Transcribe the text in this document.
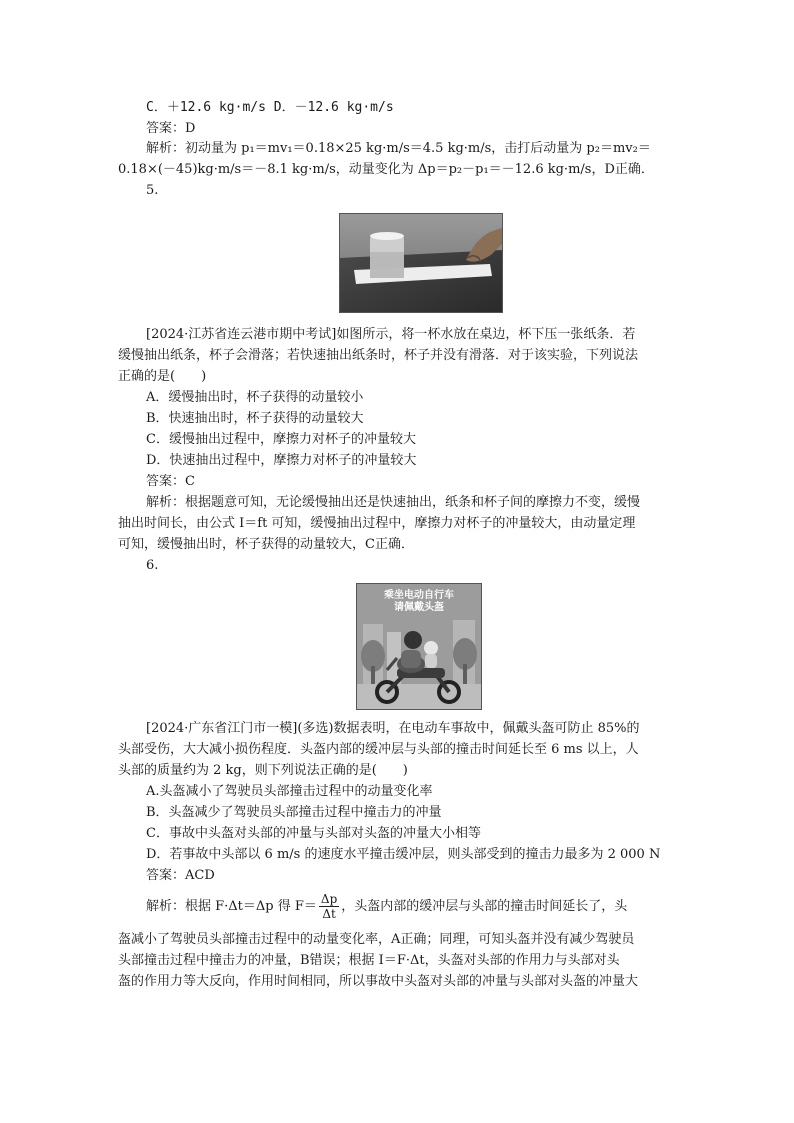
C．＋12.6 kg·m/s D．－12.6 kg·m/s
答案：D
解析：初动量为 p₁＝mv₁＝0.18×25 kg·m/s＝4.5 kg·m/s，击打后动量为 p₂＝mv₂＝
0.18×(－45)kg·m/s＝－8.1 kg·m/s，动量变化为 Δp＝p₂－p₁＝－12.6 kg·m/s，D正确．
5.
[2024·江苏省连云港市期中考试]如图所示，将一杯水放在桌边，杯下压一张纸条．若
缓慢抽出纸条，杯子会滑落；若快速抽出纸条时，杯子并没有滑落．对于该实验，下列说法
正确的是(　　)
A．缓慢抽出时，杯子获得的动量较小
B．快速抽出时，杯子获得的动量较大
C．缓慢抽出过程中，摩擦力对杯子的冲量较大
D．快速抽出过程中，摩擦力对杯子的冲量较大
答案：C
解析：根据题意可知，无论缓慢抽出还是快速抽出，纸条和杯子间的摩擦力不变，缓慢
抽出时间长，由公式 I＝ft 可知，缓慢抽出过程中，摩擦力对杯子的冲量较大，由动量定理
可知，缓慢抽出时，杯子获得的动量较大，C正确．
6.
乘坐电动自行车
请佩戴头盔
[2024·广东省江门市一模](多选)数据表明，在电动车事故中，佩戴头盔可防止 85%的
头部受伤，大大减小损伤程度．头盔内部的缓冲层与头部的撞击时间延长至 6 ms 以上，人
头部的质量约为 2 kg，则下列说法正确的是(　　)
A.头盔减小了驾驶员头部撞击过程中的动量变化率
B．头盔减少了驾驶员头部撞击过程中撞击力的冲量
C．事故中头盔对头部的冲量与头部对头盔的冲量大小相等
D．若事故中头部以 6 m/s 的速度水平撞击缓冲层，则头部受到的撞击力最多为 2 000 N
答案：ACD
解析：根据 F·Δt＝Δp 得 $F= \frac{\Delta p}{\Delta t}$ ，头盔内部的缓冲层与头部的撞击时间延长了，头
盔减小了驾驶员头部撞击过程中的动量变化率，A正确；同理，可知头盔并没有减少驾驶员
头部撞击过程中撞击力的冲量，B错误；根据 I＝F·Δt，头盔对头部的作用力与头部对头
盔的作用力等大反向，作用时间相同，所以事故中头盔对头部的冲量与头部对头盔的冲量大
